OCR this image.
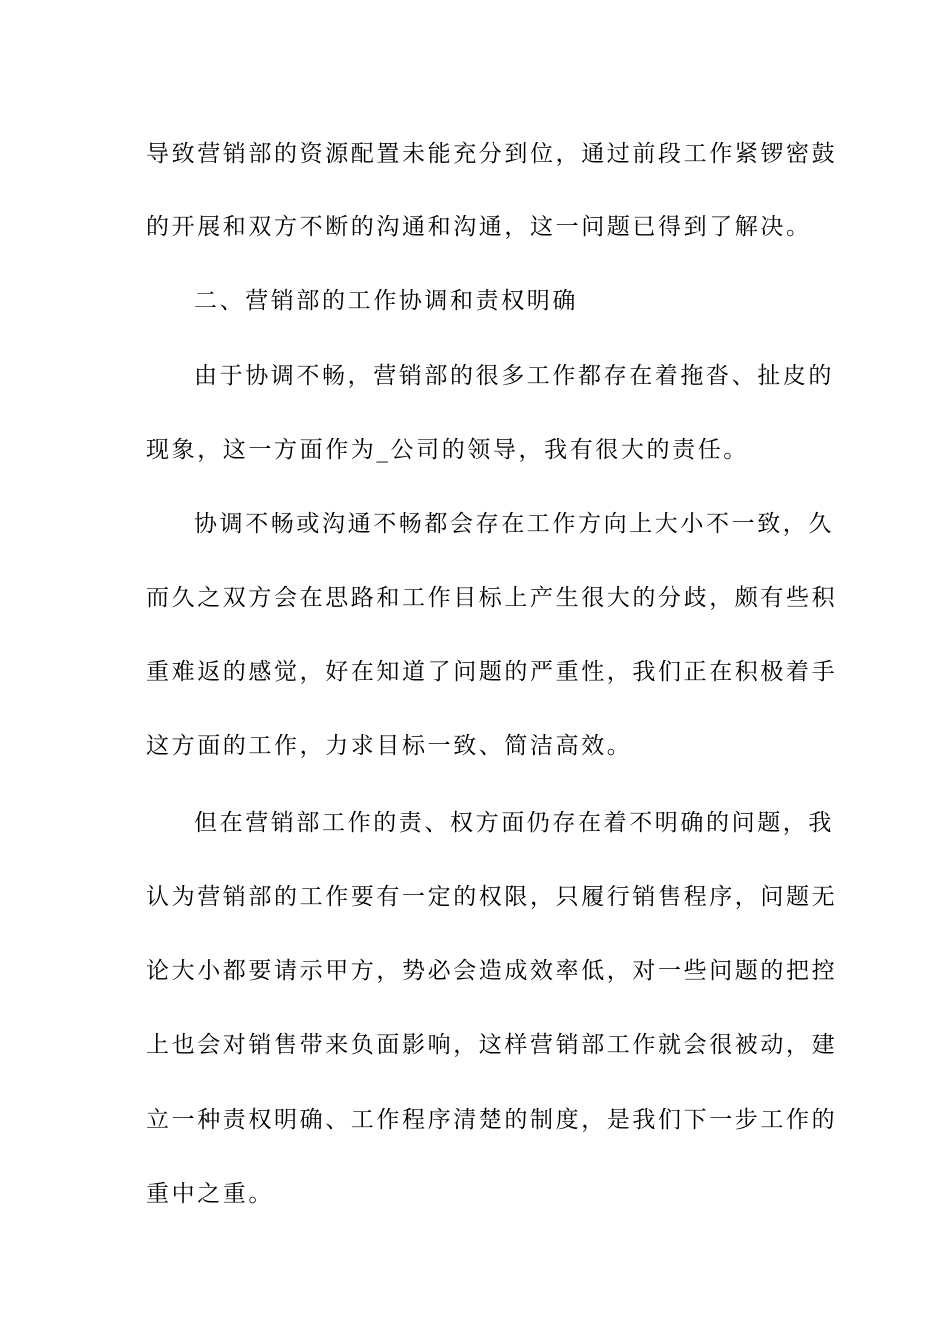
导致营销部的资源配置未能充分到位，通过前段工作紧锣密鼓
的开展和双方不断的沟通和沟通，这一问题已得到了解决。
二、营销部的工作协调和责权明确
由于协调不畅，营销部的很多工作都存在着拖沓、扯皮的
现象，这一方面作为_公司的领导，我有很大的责任。
协调不畅或沟通不畅都会存在工作方向上大小不一致，久
而久之双方会在思路和工作目标上产生很大的分歧，颇有些积
重难返的感觉，好在知道了问题的严重性，我们正在积极着手
这方面的工作，力求目标一致、简洁高效。
但在营销部工作的责、权方面仍存在着不明确的问题，我
认为营销部的工作要有一定的权限，只履行销售程序，问题无
论大小都要请示甲方，势必会造成效率低，对一些问题的把控
上也会对销售带来负面影响，这样营销部工作就会很被动，建
立一种责权明确、工作程序清楚的制度，是我们下一步工作的
重中之重。
